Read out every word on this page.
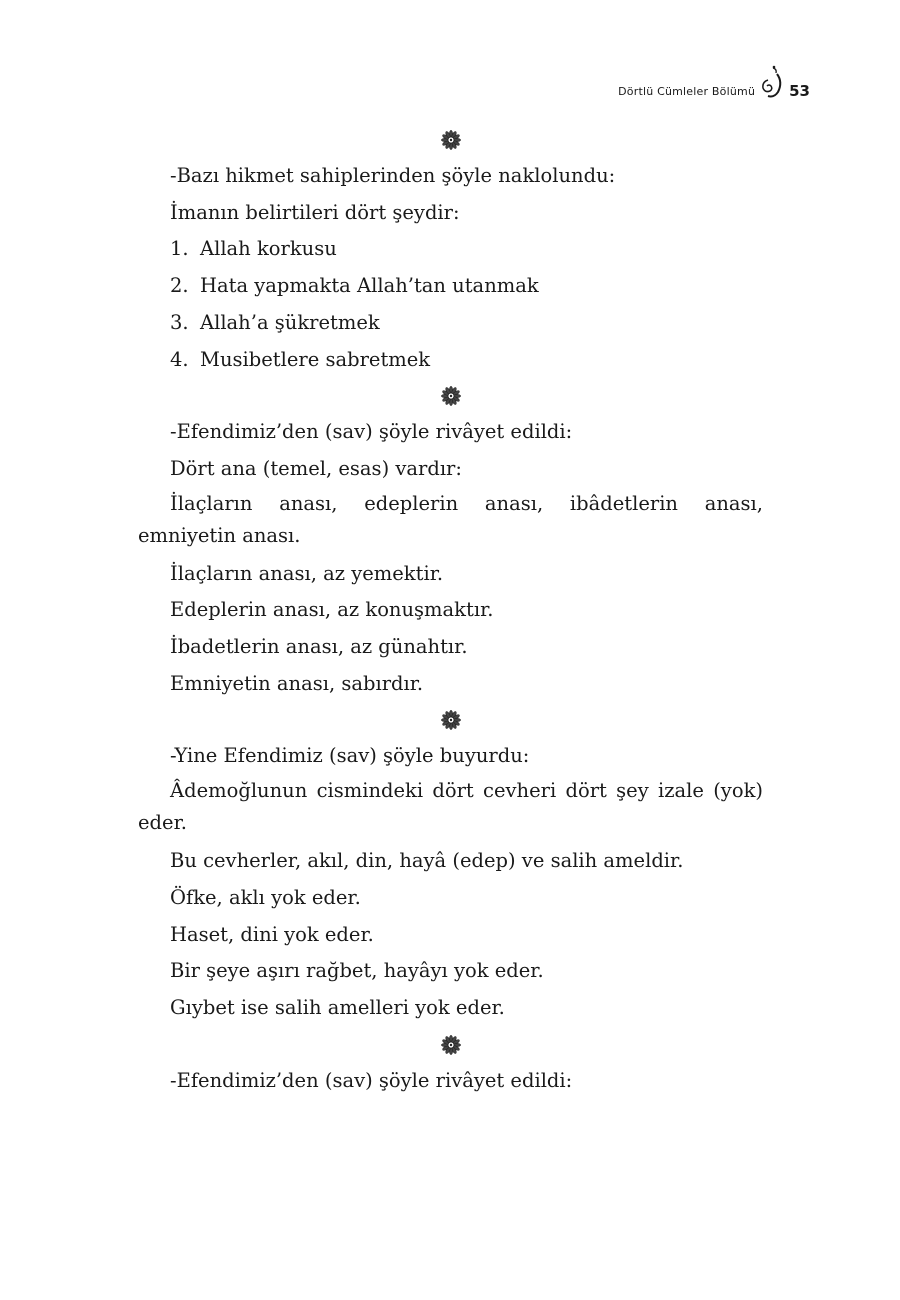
Dörtlü Cümleler Bölümü 53

-Bazı hikmet sahiplerinden şöyle naklolundu:

İmanın belirtileri dört şeydir:

1. Allah korkusu
2. Hata yapmakta Allah’tan utanmak
3. Allah’a şükretmek
4. Musibetlere sabretmek

-Efendimiz’den (sav) şöyle rivâyet edildi:

Dört ana (temel, esas) vardır:

İlaçların anası, edeplerin anası, ibâdetlerin anası, emniyetin anası.

İlaçların anası, az yemektir.

Edeplerin anası, az konuşmaktır.

İbadetlerin anası, az günahtır.

Emniyetin anası, sabırdır.

-Yine Efendimiz (sav) şöyle buyurdu:

Âdemoğlunun cismindeki dört cevheri dört şey izale (yok) eder.

Bu cevherler, akıl, din, hayâ (edep) ve salih ameldir.

Öfke, aklı yok eder.

Haset, dini yok eder.

Bir şeye aşırı rağbet, hayâyı yok eder.

Gıybet ise salih amelleri yok eder.

-Efendimiz’den (sav) şöyle rivâyet edildi:
